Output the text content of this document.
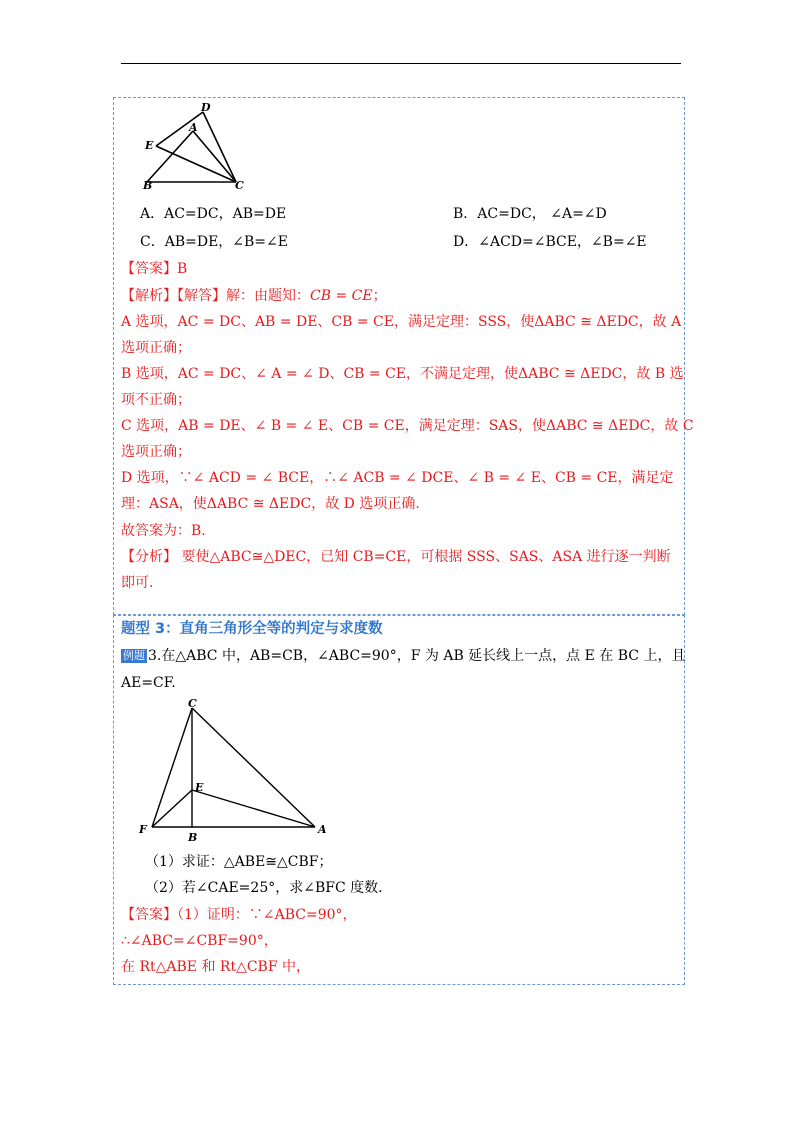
D
A
E
B	C
A．AC=DC，AB=DE	B．AC=DC， ∠A=∠D
C．AB=DE，∠B=∠E	D．∠ACD=∠BCE，∠B=∠E
【答案】B
【解析】【解答】解：由题知：CB = CE；
A 选项，AC = DC、AB = DE、CB = CE，满足定理：SSS，使ΔABC ≅ ΔEDC，故 A
选项正确；
B 选项，AC = DC、∠ A = ∠ D、CB = CE，不满足定理，使ΔABC ≅ ΔEDC，故 B 选
项不正确；
C 选项，AB = DE、∠ B = ∠ E、CB = CE，满足定理：SAS，使ΔABC ≅ ΔEDC，故 C
选项正确；
D 选项，∵∠ ACD = ∠ BCE，∴∠ ACB = ∠ DCE、∠ B = ∠ E、CB = CE，满足定
理：ASA，使ΔABC ≅ ΔEDC，故 D 选项正确.
故答案为：B.
【分析】 要使△ABC≅△DEC，已知 CB=CE，可根据 SSS、SAS、ASA 进行逐一判断
即可.
题型 3：直角三角形全等的判定与求度数
例题 3.在△ABC 中，AB=CB，∠ABC=90°，F 为 AB 延长线上一点，点 E 在 BC 上，且
AE=CF.
C
E
F
B
A
（1）求证：△ABE≅△CBF；
（2）若∠CAE=25°，求∠BFC 度数.
【答案】（1）证明：∵∠ABC=90°，
∴∠ABC=∠CBF=90°，
在 Rt△ABE 和 Rt△CBF 中，
